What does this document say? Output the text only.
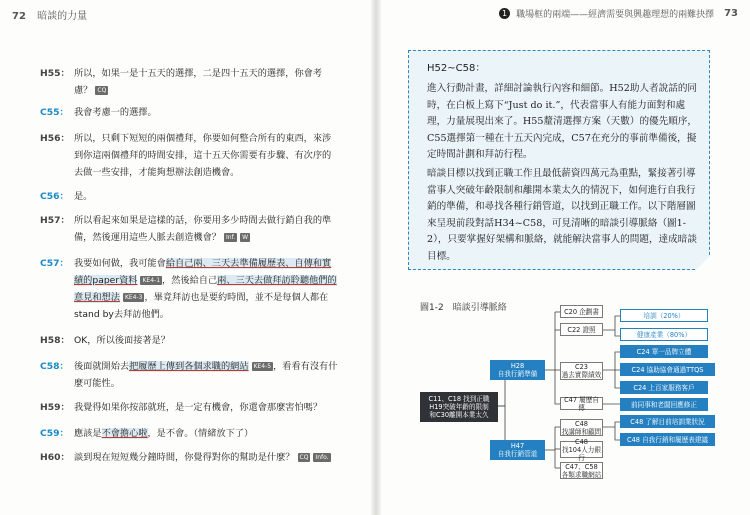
72 暗談的力量	1 職場框的兩端——經濟需要與興趣理想的兩難抉擇 73
H55： 所以，如果一是十五天的選擇，二是四十五天的選擇，你會考慮？ CQ
C55： 我會考慮一的選擇。
H56： 所以，只剩下短短的兩個禮拜，你要如何整合所有的東西，來涉到你這兩個禮拜的時間安排，這十五天你需要有步驟、有次序的去做一些安排，才能夠想辦法創造機會。
C56： 是。
H57： 所以看起來如果是這樣的話，你要用多少時間去做行銷自我的準備，然後運用這些人脈去創造機會？ Inf. W
C57： 我要如何做，我可能會給自己兩、三天去準備履歷表、自傳和實績的paper資料 KE4-1 ，然後給自己兩、三天去做拜訪聆聽他們的意見和想法 KE4-3 ，畢竟拜訪也是要約時間，並不是每個人都在stand by去拜訪他們。
H58： OK，所以後面接著是？
C58： 後面就開始去把履歷上傳到各個求職的網站 KE4-5 ，看看有沒有什麼可能性。
H59： 我覺得如果你按部就班，是一定有機會，你還會那麼害怕嗎？
C59： 應該是不會擔心啦，是不會。（情緒放下了）
H60： 談到現在短短幾分鐘時間，你覺得對你的幫助是什麼？ CQ Info.
H52~C58：
進入行動計畫，詳細討論執行內容和細節。H52助人者說話的同時，在白板上寫下“Just do it.”，代表當事人有能力面對和處理，力量展現出來了。H55釐清選擇方案（天數）的優先順序，C55選擇第一種在十五天內完成，C57在充分的事前準備後，擬定時間計劃和拜訪行程。
暗談目標以找到正職工作且最低薪資四萬元為重點，緊接著引導當事人突破年齡限制和離開本業太久的情況下，如何進行自我行銷的準備，和尋找各種行銷管道，以找到正職工作。以下階層圖來呈現前段對話H34~C58，可見清晰的暗談引導脈絡（圖1-2），只要掌握好架構和脈絡，就能解決當事人的問題，達成暗談目標。
圖1-2　暗談引導脈絡
C11、C18 找到正職
H19突破年齡的限制
和C30離開本業太久
H28
自我行銷準備
H47
自我行銷管道
C20 企劃書
C22 證照
C23
過去實際績效
C47 履歷自傳
C48
找講師和顧問
C48
找104人力銀行
C47、C58
各類求職網站
培訓（20%）
健康產業（80%）
C24 單一品牌立體
C24 協助協會通過TTQS
C24 上百家服務客戶
前同事和老闆回應修正
C48 了解目前培訓業狀況
C48 自我行銷和履歷表建議
